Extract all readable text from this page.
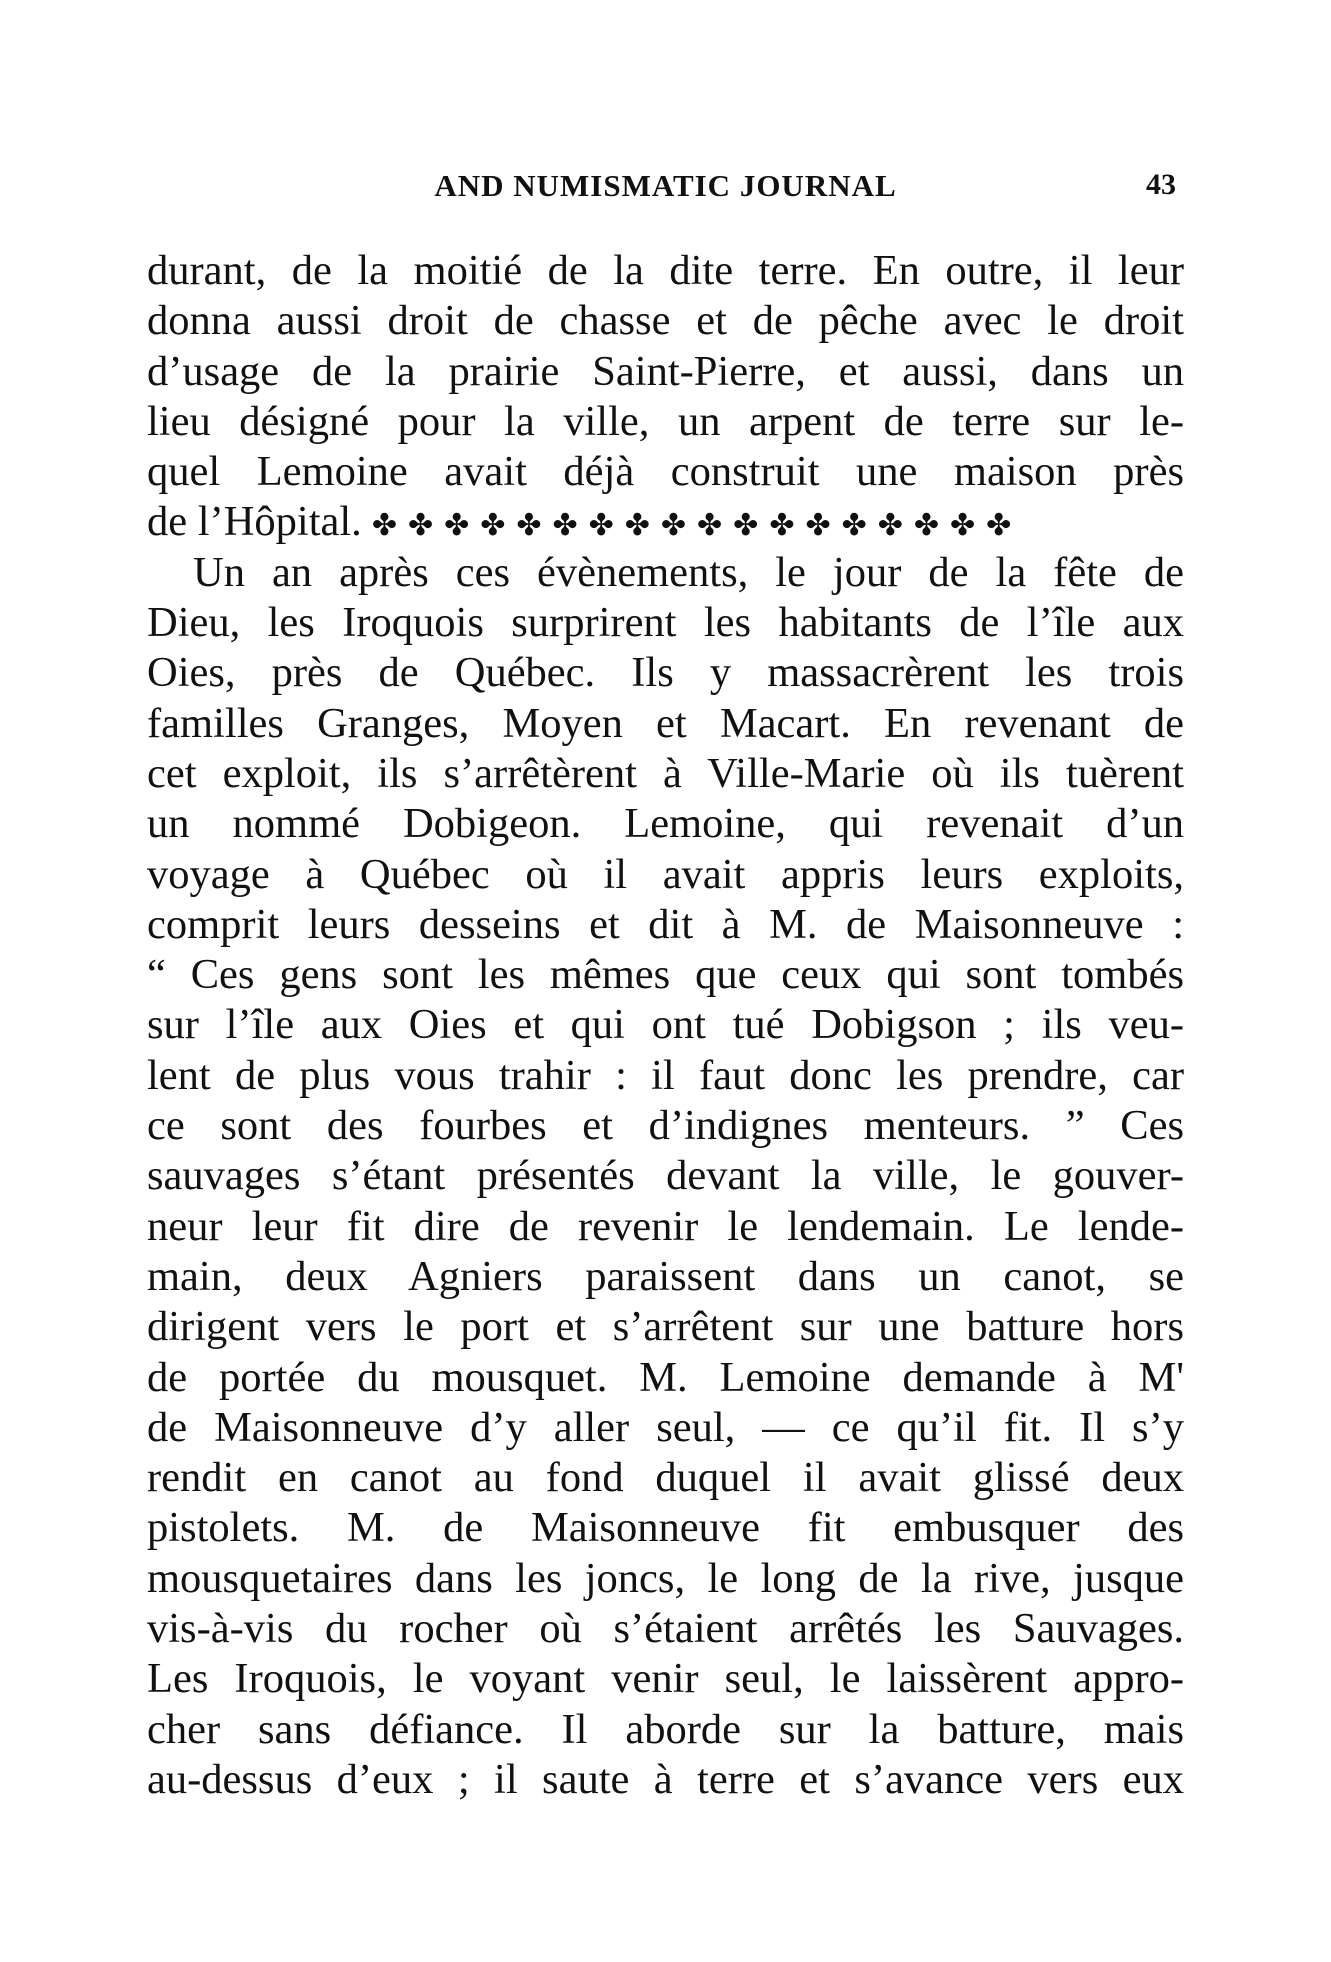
AND NUMISMATIC JOURNAL	43
durant, de la moitié de la dite terre. En outre, il leur
donna aussi droit de chasse et de pêche avec le droit
d’usage de la prairie Saint-Pierre, et aussi, dans un
lieu désigné pour la ville, un arpent de terre sur le-
quel Lemoine avait déjà construit une maison près
de l’Hôpital. ✤✤✤✤✤✤✤✤✤✤✤✤✤✤✤✤✤✤
Un an après ces évènements, le jour de la fête de
Dieu, les Iroquois surprirent les habitants de l’île aux
Oies, près de Québec. Ils y massacrèrent les trois
familles Granges, Moyen et Macart. En revenant de
cet exploit, ils s’arrêtèrent à Ville-Marie où ils tuèrent
un nommé Dobigeon. Lemoine, qui revenait d’un
voyage à Québec où il avait appris leurs exploits,
comprit leurs desseins et dit à M. de Maisonneuve :
“ Ces gens sont les mêmes que ceux qui sont tombés
sur l’île aux Oies et qui ont tué Dobigson ; ils veu-
lent de plus vous trahir : il faut donc les prendre, car
ce sont des fourbes et d’indignes menteurs. ” Ces
sauvages s’étant présentés devant la ville, le gouver-
neur leur fit dire de revenir le lendemain. Le lende-
main, deux Agniers paraissent dans un canot, se
dirigent vers le port et s’arrêtent sur une batture hors
de portée du mousquet. M. Lemoine demande à M'
de Maisonneuve d’y aller seul, — ce qu’il fit. Il s’y
rendit en canot au fond duquel il avait glissé deux
pistolets. M. de Maisonneuve fit embusquer des
mousquetaires dans les joncs, le long de la rive, jusque
vis-à-vis du rocher où s’étaient arrêtés les Sauvages.
Les Iroquois, le voyant venir seul, le laissèrent appro-
cher sans défiance. Il aborde sur la batture, mais
au-dessus d’eux ; il saute à terre et s’avance vers eux
